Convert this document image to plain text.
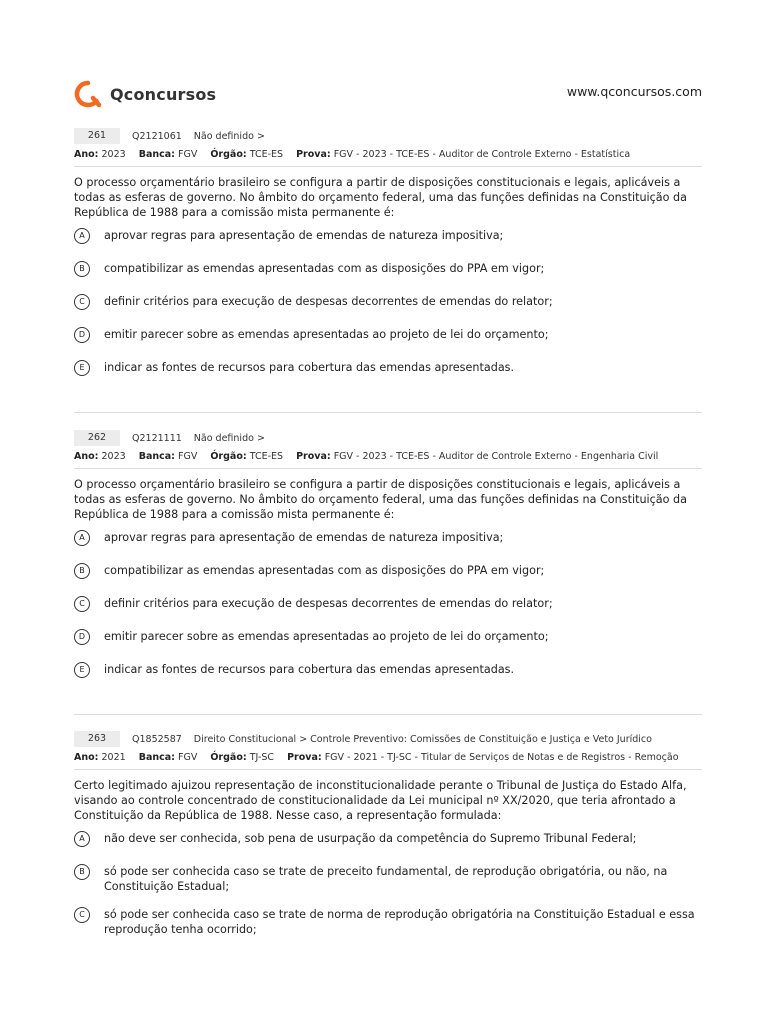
Qconcursos	www.qconcursos.com
261	Q2121061 Não definido >
Ano: 2023 Banca: FGV Órgão: TCE-ES Prova: FGV - 2023 - TCE-ES - Auditor de Controle Externo - Estatística
O processo orçamentário brasileiro se configura a partir de disposições constitucionais e legais, aplicáveis a todas as esferas de governo. No âmbito do orçamento federal, uma das funções definidas na Constituição da República de 1988 para a comissão mista permanente é:
A	aprovar regras para apresentação de emendas de natureza impositiva;
B	compatibilizar as emendas apresentadas com as disposições do PPA em vigor;
C	definir critérios para execução de despesas decorrentes de emendas do relator;
D	emitir parecer sobre as emendas apresentadas ao projeto de lei do orçamento;
E	indicar as fontes de recursos para cobertura das emendas apresentadas.
262	Q2121111 Não definido >
Ano: 2023 Banca: FGV Órgão: TCE-ES Prova: FGV - 2023 - TCE-ES - Auditor de Controle Externo - Engenharia Civil
O processo orçamentário brasileiro se configura a partir de disposições constitucionais e legais, aplicáveis a todas as esferas de governo. No âmbito do orçamento federal, uma das funções definidas na Constituição da República de 1988 para a comissão mista permanente é:
A	aprovar regras para apresentação de emendas de natureza impositiva;
B	compatibilizar as emendas apresentadas com as disposições do PPA em vigor;
C	definir critérios para execução de despesas decorrentes de emendas do relator;
D	emitir parecer sobre as emendas apresentadas ao projeto de lei do orçamento;
E	indicar as fontes de recursos para cobertura das emendas apresentadas.
263	Q1852587 Direito Constitucional > Controle Preventivo: Comissões de Constituição e Justiça e Veto Jurídico
Ano: 2021 Banca: FGV Órgão: TJ-SC Prova: FGV - 2021 - TJ-SC - Titular de Serviços de Notas e de Registros - Remoção
Certo legitimado ajuizou representação de inconstitucionalidade perante o Tribunal de Justiça do Estado Alfa, visando ao controle concentrado de constitucionalidade da Lei municipal nº XX/2020, que teria afrontado a Constituição da República de 1988. Nesse caso, a representação formulada:
A	não deve ser conhecida, sob pena de usurpação da competência do Supremo Tribunal Federal;
B	só pode ser conhecida caso se trate de preceito fundamental, de reprodução obrigatória, ou não, na Constituição Estadual;
C	só pode ser conhecida caso se trate de norma de reprodução obrigatória na Constituição Estadual e essa reprodução tenha ocorrido;
